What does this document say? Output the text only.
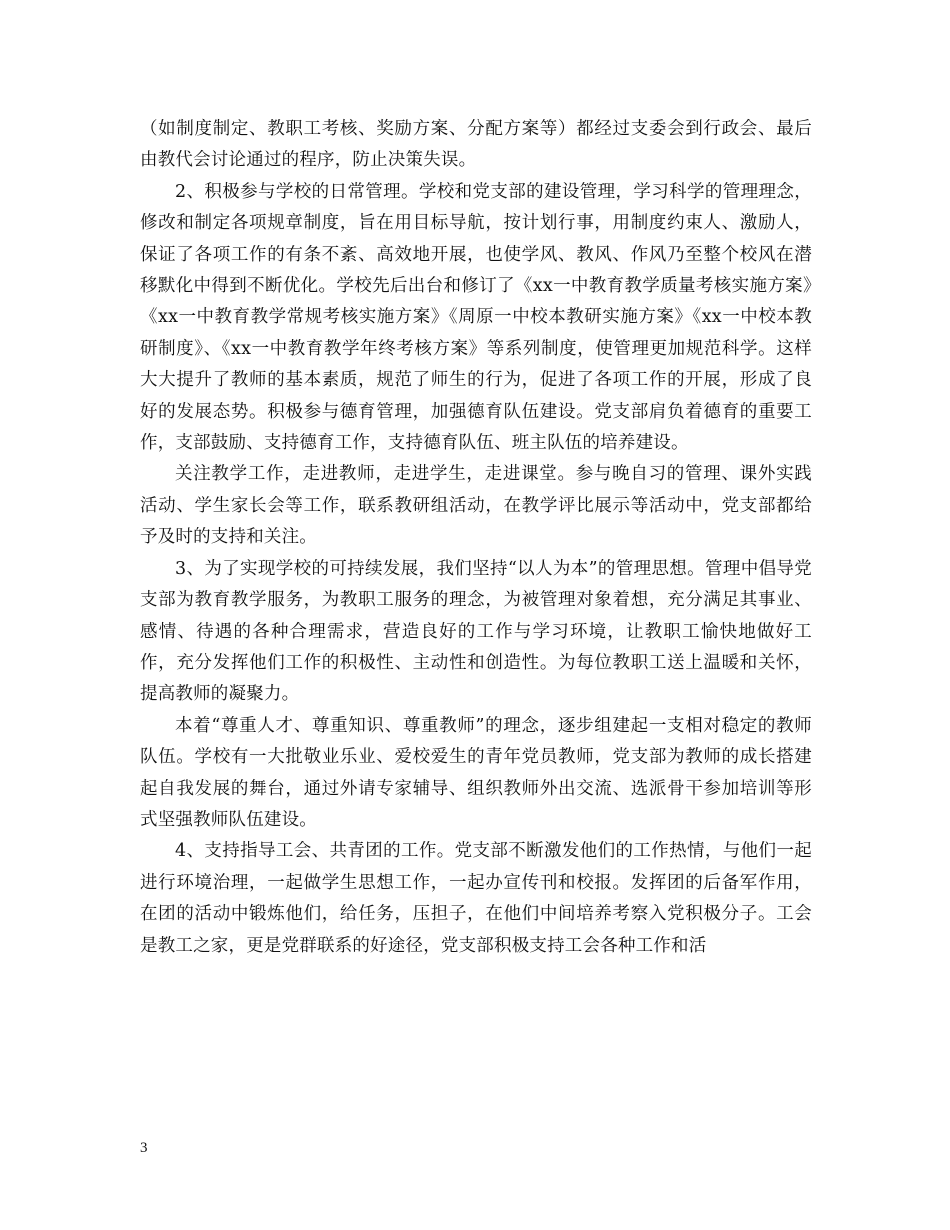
（如制度制定、教职工考核、奖励方案、分配方案等）都经过支委会到行政会、最后由教代会讨论通过的程序，防止决策失误。

2、积极参与学校的日常管理。学校和党支部的建设管理，学习科学的管理理念，修改和制定各项规章制度，旨在用目标导航，按计划行事，用制度约束人、激励人，保证了各项工作的有条不紊、高效地开展，也使学风、教风、作风乃至整个校风在潜移默化中得到不断优化。学校先后出台和修订了《xx一中教育教学质量考核实施方案》《xx一中教育教学常规考核实施方案》《周原一中校本教研实施方案》《xx一中校本教研制度》、《xx一中教育教学年终考核方案》等系列制度，使管理更加规范科学。这样大大提升了教师的基本素质，规范了师生的行为，促进了各项工作的开展，形成了良好的发展态势。积极参与德育管理，加强德育队伍建设。党支部肩负着德育的重要工作，支部鼓励、支持德育工作，支持德育队伍、班主队伍的培养建设。

关注教学工作，走进教师，走进学生，走进课堂。参与晚自习的管理、课外实践活动、学生家长会等工作，联系教研组活动，在教学评比展示等活动中，党支部都给予及时的支持和关注。

3、为了实现学校的可持续发展，我们坚持“以人为本”的管理思想。管理中倡导党支部为教育教学服务，为教职工服务的理念，为被管理对象着想，充分满足其事业、感情、待遇的各种合理需求，营造良好的工作与学习环境，让教职工愉快地做好工作，充分发挥他们工作的积极性、主动性和创造性。为每位教职工送上温暖和关怀，提高教师的凝聚力。

本着“尊重人才、尊重知识、尊重教师”的理念，逐步组建起一支相对稳定的教师队伍。学校有一大批敬业乐业、爱校爱生的青年党员教师，党支部为教师的成长搭建起自我发展的舞台，通过外请专家辅导、组织教师外出交流、选派骨干参加培训等形式坚强教师队伍建设。

4、支持指导工会、共青团的工作。党支部不断激发他们的工作热情，与他们一起进行环境治理，一起做学生思想工作，一起办宣传刊和校报。发挥团的后备军作用，在团的活动中锻炼他们，给任务，压担子，在他们中间培养考察入党积极分子。工会是教工之家，更是党群联系的好途径，党支部积极支持工会各种工作和活

3
